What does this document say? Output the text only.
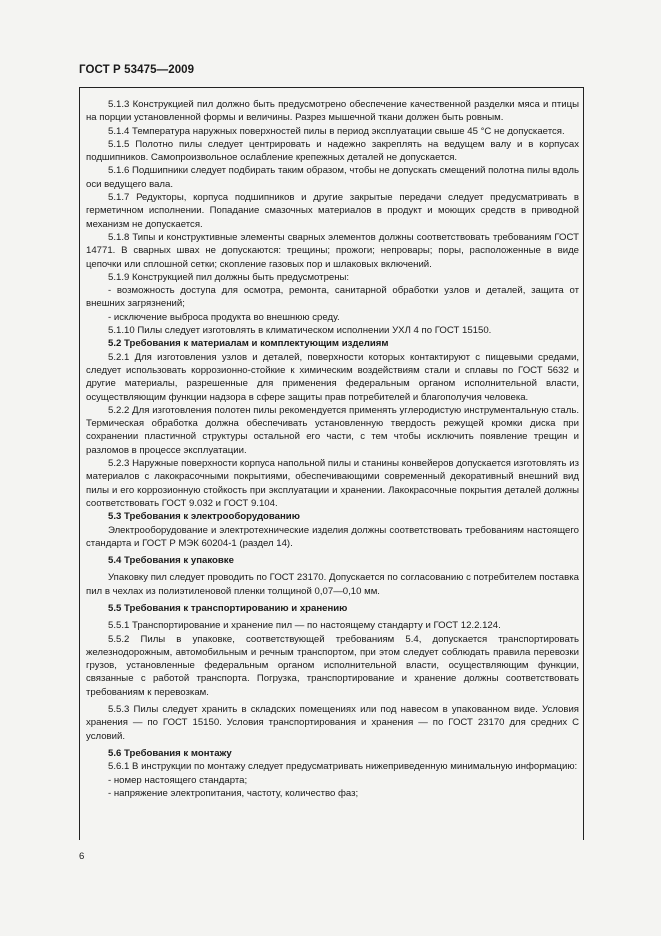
ГОСТ Р 53475—2009

5.1.3 Конструкцией пил должно быть предусмотрено обеспечение качественной разделки мяса и птицы на порции установленной формы и величины. Разрез мышечной ткани должен быть ровным.

5.1.4 Температура наружных поверхностей пилы в период эксплуатации свыше 45 °С не допускается.

5.1.5 Полотно пилы следует центрировать и надежно закреплять на ведущем валу и в корпусах подшипников. Самопроизвольное ослабление крепежных деталей не допускается.

5.1.6 Подшипники следует подбирать таким образом, чтобы не допускать смещений полотна пилы вдоль оси ведущего вала.

5.1.7 Редукторы, корпуса подшипников и другие закрытые передачи следует предусматривать в герметичном исполнении. Попадание смазочных материалов в продукт и моющих средств в приводной механизм не допускается.

5.1.8 Типы и конструктивные элементы сварных элементов должны соответствовать требованиям ГОСТ 14771. В сварных швах не допускаются: трещины; прожоги; непровары; поры, расположенные в виде цепочки или сплошной сетки; скопление газовых пор и шлаковых включений.

5.1.9 Конструкцией пил должны быть предусмотрены:

- возможность доступа для осмотра, ремонта, санитарной обработки узлов и деталей, защита от внешних загрязнений;

- исключение выброса продукта во внешнюю среду.

5.1.10 Пилы следует изготовлять в климатическом исполнении УХЛ 4 по ГОСТ 15150.

5.2 Требования к материалам и комплектующим изделиям

5.2.1 Для изготовления узлов и деталей, поверхности которых контактируют с пищевыми средами, следует использовать коррозионно-стойкие к химическим воздействиям стали и сплавы по ГОСТ 5632 и другие материалы, разрешенные для применения федеральным органом исполнительной власти, осуществляющим функции надзора в сфере защиты прав потребителей и благополучия человека.

5.2.2 Для изготовления полотен пилы рекомендуется применять углеродистую инструментальную сталь. Термическая обработка должна обеспечивать установленную твердость режущей кромки диска при сохранении пластичной структуры остальной его части, с тем чтобы исключить появление трещин и разломов в процессе эксплуатации.

5.2.3 Наружные поверхности корпуса напольной пилы и станины конвейеров допускается изготовлять из материалов с лакокрасочными покрытиями, обеспечивающими современный декоративный внешний вид пилы и его коррозионную стойкость при эксплуатации и хранении. Лакокрасочные покрытия деталей должны соответствовать ГОСТ 9.032 и ГОСТ 9.104.

5.3 Требования к электрооборудованию

Электрооборудование и электротехнические изделия должны соответствовать требованиям настоящего стандарта и ГОСТ Р МЭК 60204-1 (раздел 14).

5.4 Требования к упаковке

Упаковку пил следует проводить по ГОСТ 23170. Допускается по согласованию с потребителем поставка пил в чехлах из полиэтиленовой пленки толщиной 0,07—0,10 мм.

5.5 Требования к транспортированию и хранению

5.5.1 Транспортирование и хранение пил — по настоящему стандарту и ГОСТ 12.2.124.

5.5.2 Пилы в упаковке, соответствующей требованиям 5.4, допускается транспортировать железнодорожным, автомобильным и речным транспортом, при этом следует соблюдать правила перевозки грузов, установленные федеральным органом исполнительной власти, осуществляющим функции, связанные с работой транспорта. Погрузка, транспортирование и хранение должны соответствовать требованиям к перевозкам.

5.5.3 Пилы следует хранить в складских помещениях или под навесом в упакованном виде. Условия хранения — по ГОСТ 15150. Условия транспортирования и хранения — по ГОСТ 23170 для средних С условий.

5.6 Требования к монтажу

5.6.1 В инструкции по монтажу следует предусматривать нижеприведенную минимальную информацию:

- номер настоящего стандарта;

- напряжение электропитания, частоту, количество фаз;

6
